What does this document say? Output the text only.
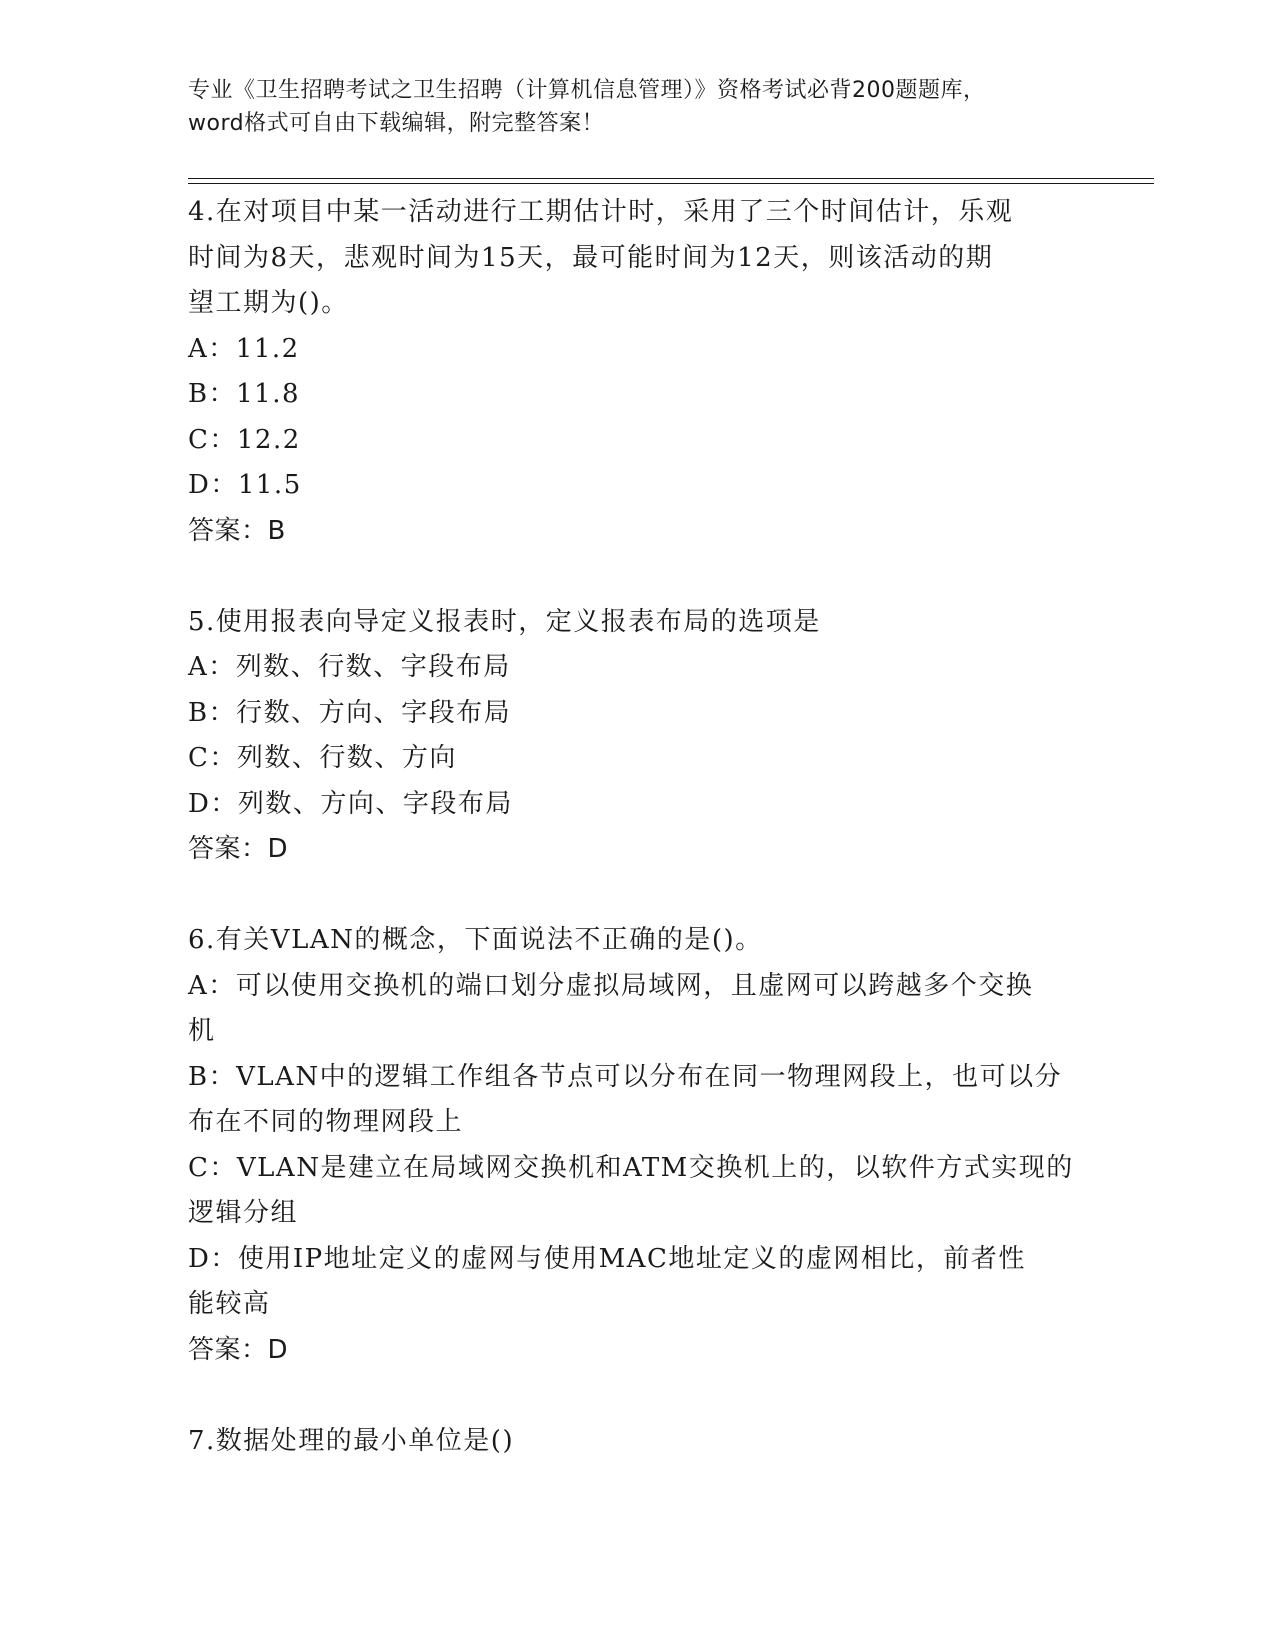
专业《卫生招聘考试之卫生招聘（计算机信息管理）》资格考试必背200题题库，
word格式可自由下载编辑，附完整答案！
4.在对项目中某一活动进行工期估计时，采用了三个时间估计，乐观
时间为8天，悲观时间为15天，最可能时间为12天，则该活动的期
望工期为()。
A：11.2
B：11.8
C：12.2
D：11.5
答案：B
5.使用报表向导定义报表时，定义报表布局的选项是
A：列数、行数、字段布局
B：行数、方向、字段布局
C：列数、行数、方向
D：列数、方向、字段布局
答案：D
6.有关VLAN的概念，下面说法不正确的是()。
A：可以使用交换机的端口划分虚拟局域网，且虚网可以跨越多个交换
机
B：VLAN中的逻辑工作组各节点可以分布在同一物理网段上，也可以分
布在不同的物理网段上
C：VLAN是建立在局域网交换机和ATM交换机上的，以软件方式实现的
逻辑分组
D：使用IP地址定义的虚网与使用MAC地址定义的虚网相比，前者性
能较高
答案：D
7.数据处理的最小单位是()
